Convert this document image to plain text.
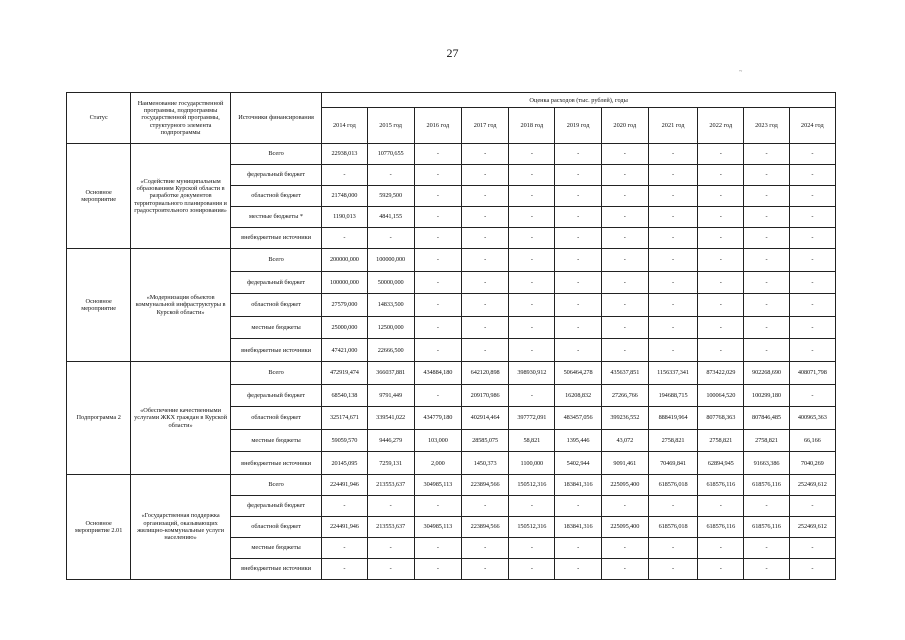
27
~
Статус	Наименование государственной программы, подпрограммы государственной программы, структурного элемента подпрограммы	Источники финансирования	Оценка расходов (тыс. рублей), годы										
			2014 год	2015 год	2016 год	2017 год	2018 год	2019 год	2020 год	2021 год	2022 год	2023 год	2024 год
Основное мероприятие	«Содействие муниципальным образованиям Курской области в разработке документов территориального планирования и градостроительного зонирования»	Всего	22938,013	10770,655	-	-	-	-	-	-	-	-	-
		федеральный бюджет	-	-	-	-	-	-	-	-	-	-	-
		областной бюджет	21748,000	5929,500	-	-	-	-	-	-	-	-	-
		местные бюджеты *	1190,013	4841,155	-	-	-	-	-	-	-	-	-
		внебюджетные источники	-	-	-	-	-	-	-	-	-	-	-
Основное мероприятие	«Модернизация объектов коммунальной инфраструктуры в Курской области»	Всего	200000,000	100000,000	-	-	-	-	-	-	-	-	-
		федеральный бюджет	100000,000	50000,000	-	-	-	-	-	-	-	-	-
		областной бюджет	27579,000	14833,500	-	-	-	-	-	-	-	-	-
		местные бюджеты	25000,000	12500,000	-	-	-	-	-	-	-	-	-
		внебюджетные источники	47421,000	22666,500	-	-	-	-	-	-	-	-	-
Подпрограмма 2	«Обеспечение качественными услугами ЖКХ граждан в Курской области»	Всего	472919,474	366037,881	434884,180	642120,898	398930,912	506464,278	435637,851	1156337,341	873422,029	902268,690	408071,798
		федеральный бюджет	68540,138	9791,449	-	209170,986	-	16208,832	27266,766	194688,715	100064,520	100299,180	-
		областной бюджет	325174,671	339541,022	434779,180	402914,464	397772,091	483457,056	399236,552	888419,964	807768,363	807846,485	400965,363
		местные бюджеты	59059,570	9446,279	103,000	28585,075	58,821	1395,446	43,072	2758,821	2758,821	2758,821	66,166
		внебюджетные источники	20145,095	7259,131	2,000	1450,373	1100,000	5402,944	9091,461	70469,841	62894,945	91663,386	7040,269
Основное мероприятие 2.01	«Государственная поддержка организаций, оказывающих жилищно-коммунальные услуги населению»	Всего	224491,946	213553,637	304985,113	223894,566	150512,316	183841,316	225095,400	618576,018	618576,116	618576,116	252469,612
		федеральный бюджет	-	-	-	-	-	-	-	-	-	-	-
		областной бюджет	224491,946	213553,637	304985,113	223894,566	150512,316	183841,316	225095,400	618576,018	618576,116	618576,116	252469,612
		местные бюджеты	-	-	-	-	-	-	-	-	-	-	-
		внебюджетные источники	-	-	-	-	-	-	-	-	-	-	-
